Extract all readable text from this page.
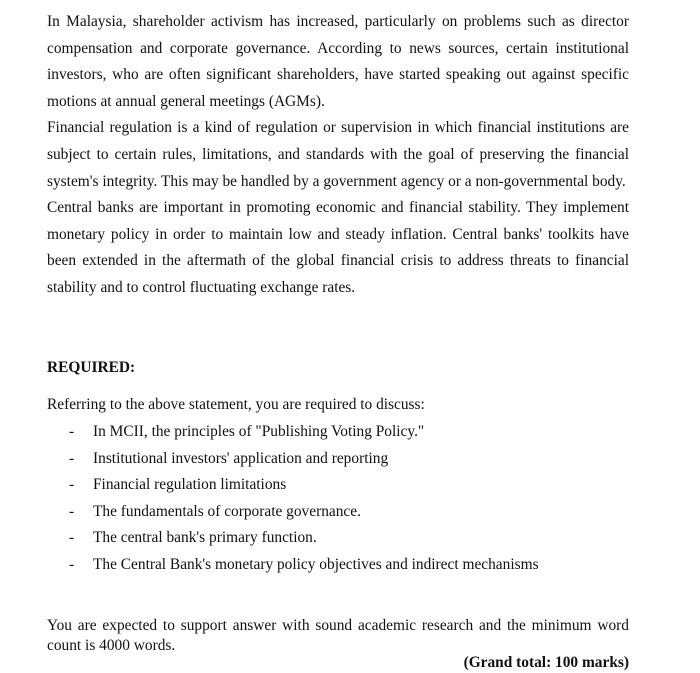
In Malaysia, shareholder activism has increased, particularly on problems such as director compensation and corporate governance. According to news sources, certain institutional investors, who are often significant shareholders, have started speaking out against specific motions at annual general meetings (AGMs).

Financial regulation is a kind of regulation or supervision in which financial institutions are subject to certain rules, limitations, and standards with the goal of preserving the financial system's integrity. This may be handled by a government agency or a non-governmental body.

Central banks are important in promoting economic and financial stability. They implement monetary policy in order to maintain low and steady inflation. Central banks' toolkits have been extended in the aftermath of the global financial crisis to address threats to financial stability and to control fluctuating exchange rates.

REQUIRED:

Referring to the above statement, you are required to discuss:

- In MCII, the principles of "Publishing Voting Policy."
- Institutional investors' application and reporting
- Financial regulation limitations
- The fundamentals of corporate governance.
- The central bank's primary function.
- The Central Bank's monetary policy objectives and indirect mechanisms

You are expected to support answer with sound academic research and the minimum word count is 4000 words.

(Grand total: 100 marks)
